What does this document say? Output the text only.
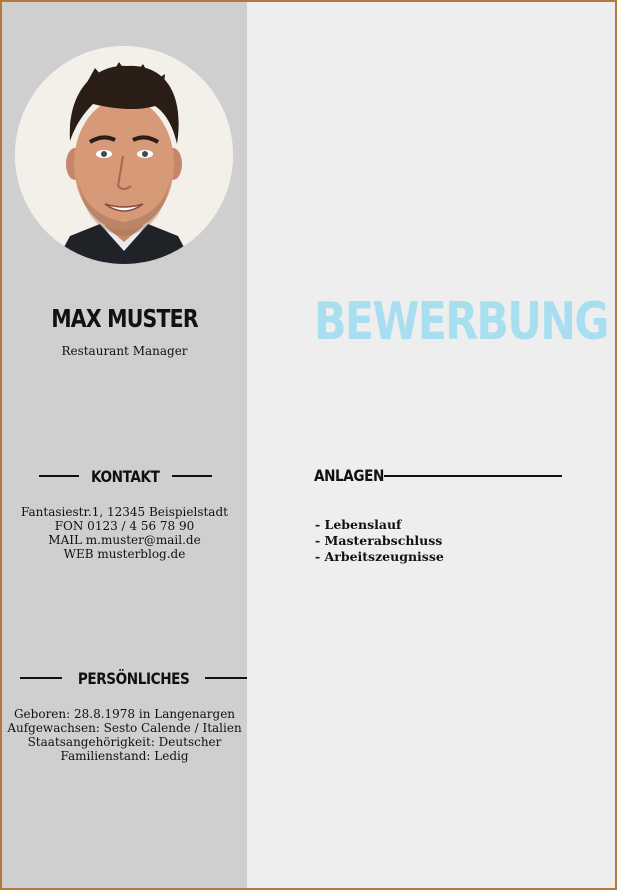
MAX MUSTER
Restaurant Manager
KONTAKT
Fantasiestr.1, 12345 Beispielstadt
FON 0123 / 4 56 78 90
MAIL m.muster@mail.de
WEB musterblog.de
PERSÖNLICHES
Geboren: 28.8.1978 in Langenargen
Aufgewachsen: Sesto Calende / Italien
Staatsangehörigkeit: Deutscher
Familienstand: Ledig
BEWERBUNG
ANLAGEN
- Lebenslauf
- Masterabschluss
- Arbeitszeugnisse
